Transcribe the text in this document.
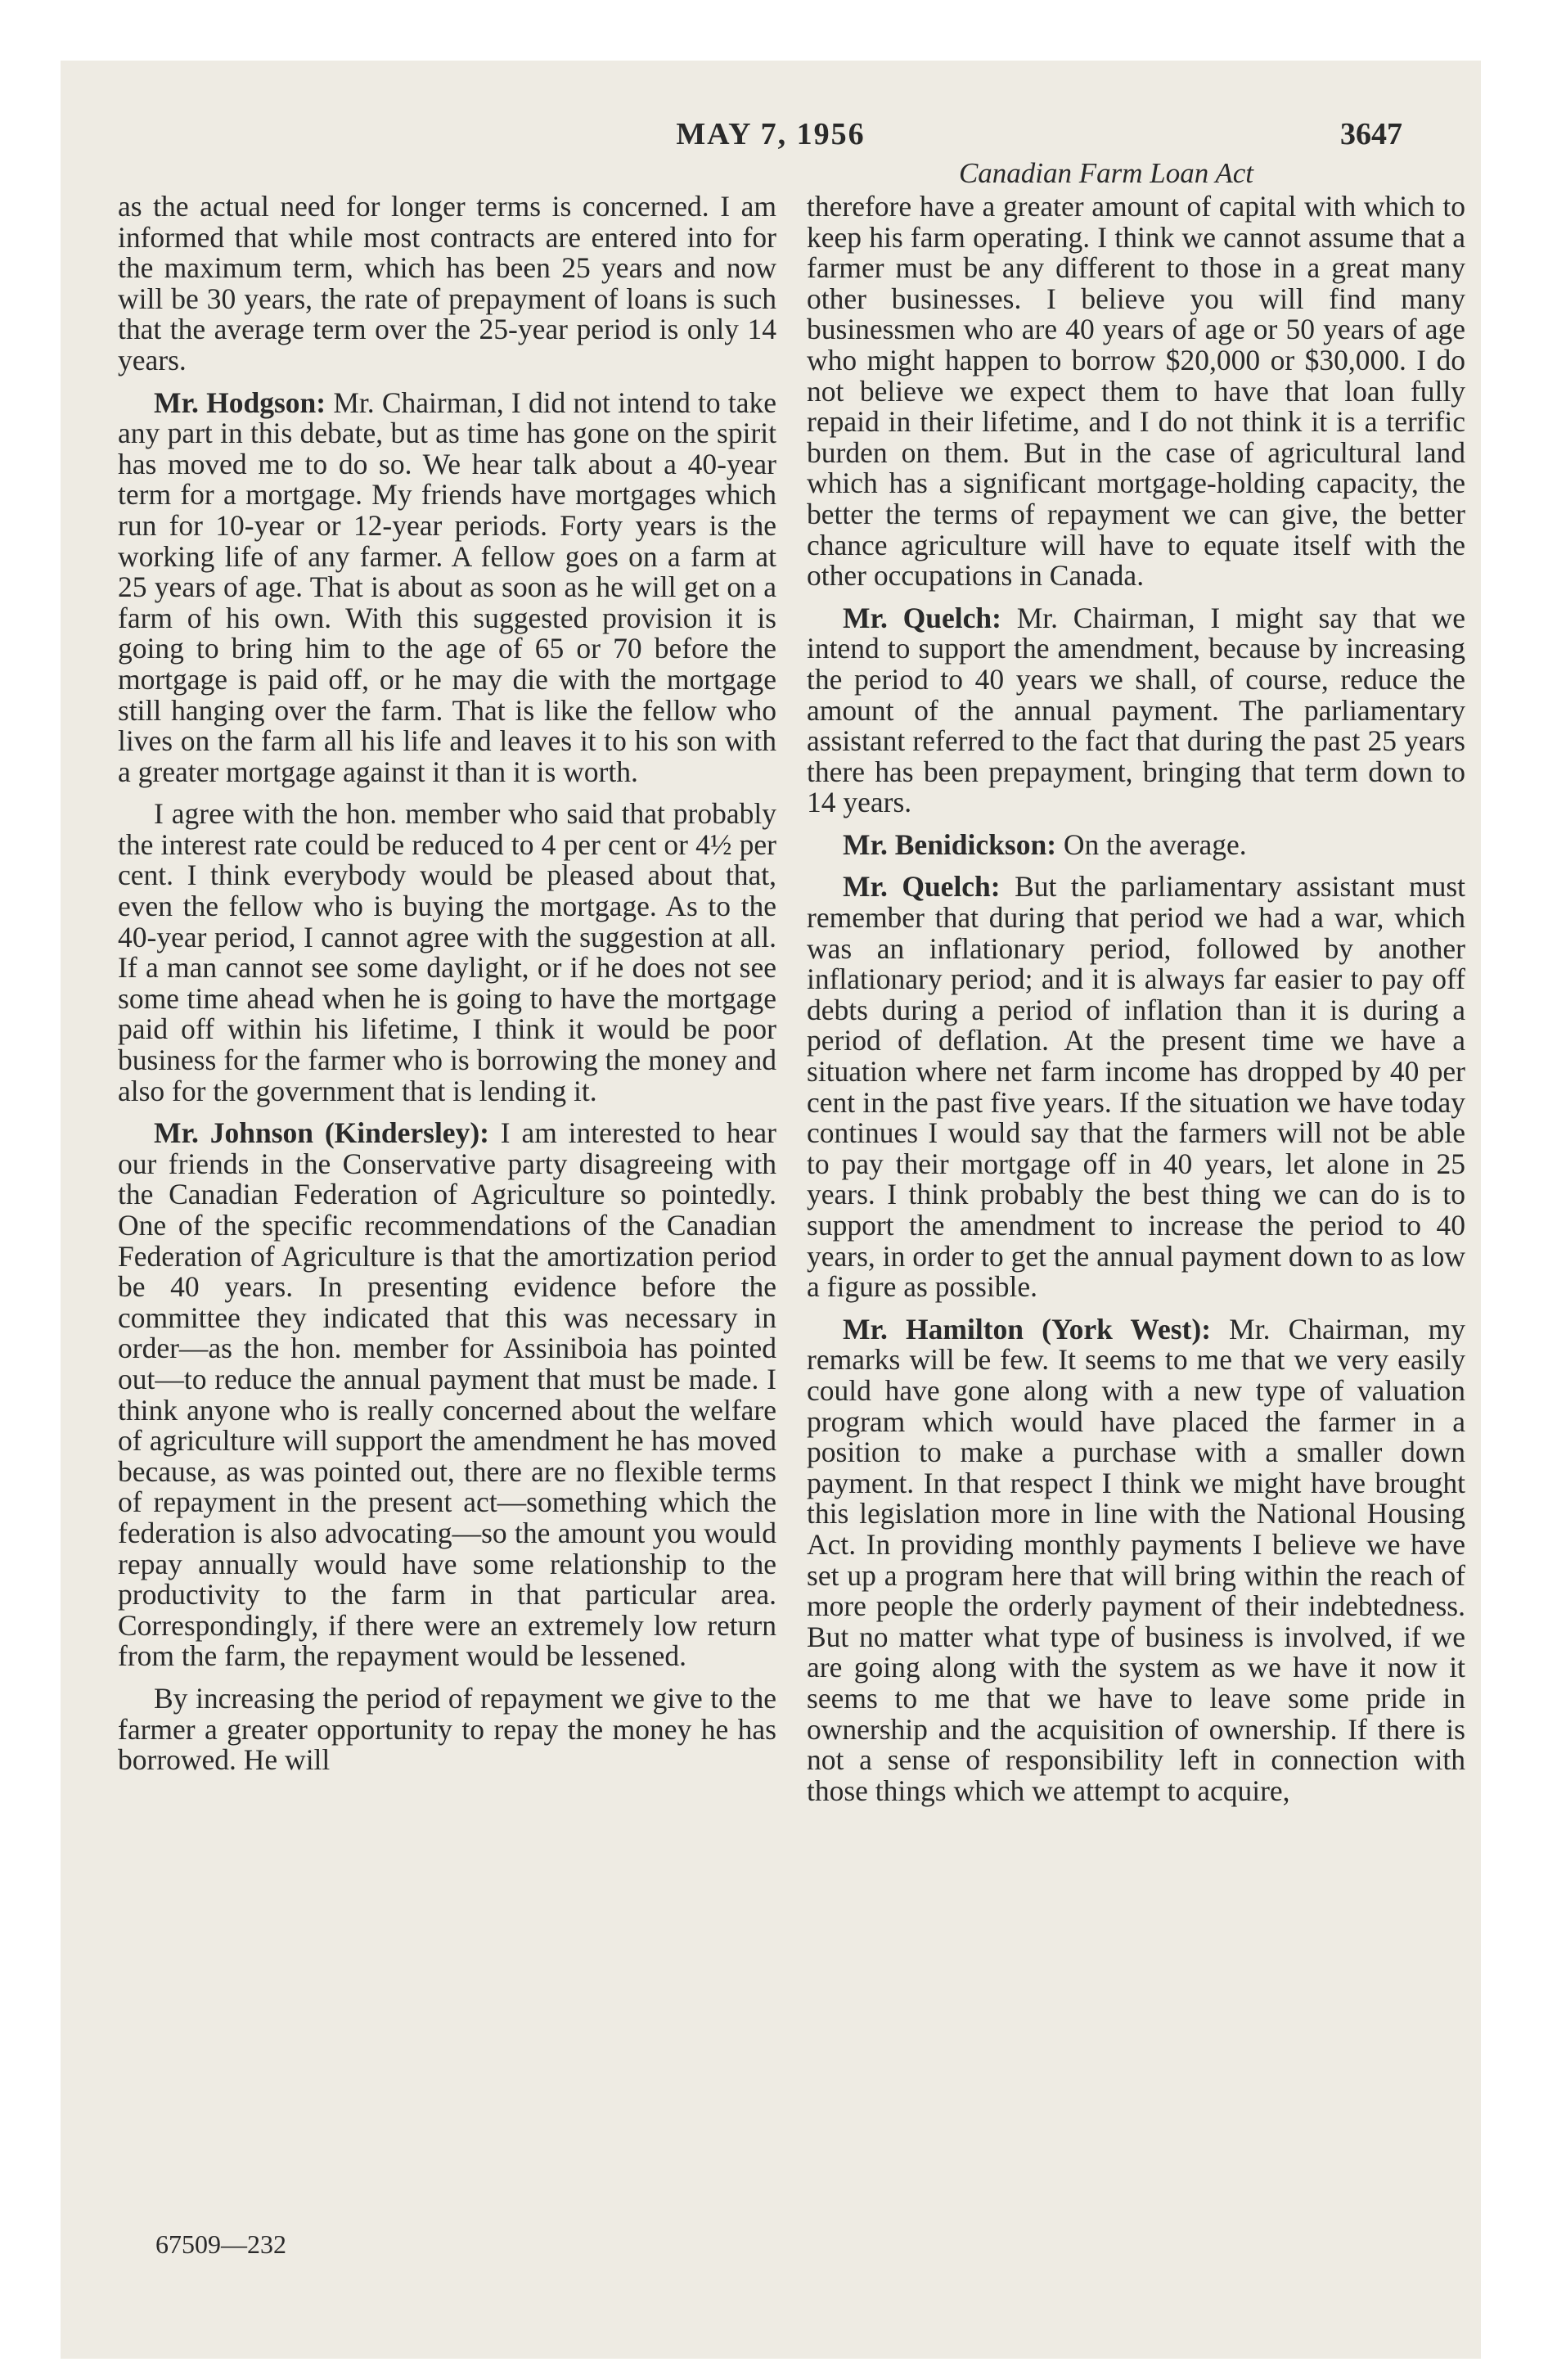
MAY 7, 1956	3647
Canadian Farm Loan Act

as the actual need for longer terms is concerned. I am informed that while most contracts are entered into for the maximum term, which has been 25 years and now will be 30 years, the rate of prepayment of loans is such that the average term over the 25-year period is only 14 years.

Mr. Hodgson: Mr. Chairman, I did not intend to take any part in this debate, but as time has gone on the spirit has moved me to do so. We hear talk about a 40-year term for a mortgage. My friends have mortgages which run for 10-year or 12-year periods. Forty years is the working life of any farmer. A fellow goes on a farm at 25 years of age. That is about as soon as he will get on a farm of his own. With this suggested provision it is going to bring him to the age of 65 or 70 before the mortgage is paid off, or he may die with the mortgage still hanging over the farm. That is like the fellow who lives on the farm all his life and leaves it to his son with a greater mortgage against it than it is worth.

I agree with the hon. member who said that probably the interest rate could be reduced to 4 per cent or 4½ per cent. I think everybody would be pleased about that, even the fellow who is buying the mortgage. As to the 40-year period, I cannot agree with the suggestion at all. If a man cannot see some daylight, or if he does not see some time ahead when he is going to have the mortgage paid off within his lifetime, I think it would be poor business for the farmer who is borrowing the money and also for the government that is lending it.

Mr. Johnson (Kindersley): I am interested to hear our friends in the Conservative party disagreeing with the Canadian Federation of Agriculture so pointedly. One of the specific recommendations of the Canadian Federation of Agriculture is that the amortization period be 40 years. In presenting evidence before the committee they indicated that this was necessary in order—as the hon. member for Assiniboia has pointed out—to reduce the annual payment that must be made. I think anyone who is really concerned about the welfare of agriculture will support the amendment he has moved because, as was pointed out, there are no flexible terms of repayment in the present act—something which the federation is also advocating—so the amount you would repay annually would have some relationship to the productivity to the farm in that particular area. Correspondingly, if there were an extremely low return from the farm, the repayment would be lessened.

By increasing the period of repayment we give to the farmer a greater opportunity to repay the money he has borrowed. He will

therefore have a greater amount of capital with which to keep his farm operating. I think we cannot assume that a farmer must be any different to those in a great many other businesses. I believe you will find many businessmen who are 40 years of age or 50 years of age who might happen to borrow $20,000 or $30,000. I do not believe we expect them to have that loan fully repaid in their lifetime, and I do not think it is a terrific burden on them. But in the case of agricultural land which has a significant mortgage-holding capacity, the better the terms of repayment we can give, the better chance agriculture will have to equate itself with the other occupations in Canada.

Mr. Quelch: Mr. Chairman, I might say that we intend to support the amendment, because by increasing the period to 40 years we shall, of course, reduce the amount of the annual payment. The parliamentary assistant referred to the fact that during the past 25 years there has been prepayment, bringing that term down to 14 years.

Mr. Benidickson: On the average.

Mr. Quelch: But the parliamentary assistant must remember that during that period we had a war, which was an inflationary period, followed by another inflationary period; and it is always far easier to pay off debts during a period of inflation than it is during a period of deflation. At the present time we have a situation where net farm income has dropped by 40 per cent in the past five years. If the situation we have today continues I would say that the farmers will not be able to pay their mortgage off in 40 years, let alone in 25 years. I think probably the best thing we can do is to support the amendment to increase the period to 40 years, in order to get the annual payment down to as low a figure as possible.

Mr. Hamilton (York West): Mr. Chairman, my remarks will be few. It seems to me that we very easily could have gone along with a new type of valuation program which would have placed the farmer in a position to make a purchase with a smaller down payment. In that respect I think we might have brought this legislation more in line with the National Housing Act. In providing monthly payments I believe we have set up a program here that will bring within the reach of more people the orderly payment of their indebtedness. But no matter what type of business is involved, if we are going along with the system as we have it now it seems to me that we have to leave some pride in ownership and the acquisition of ownership. If there is not a sense of responsibility left in connection with those things which we attempt to acquire,

67509—232
